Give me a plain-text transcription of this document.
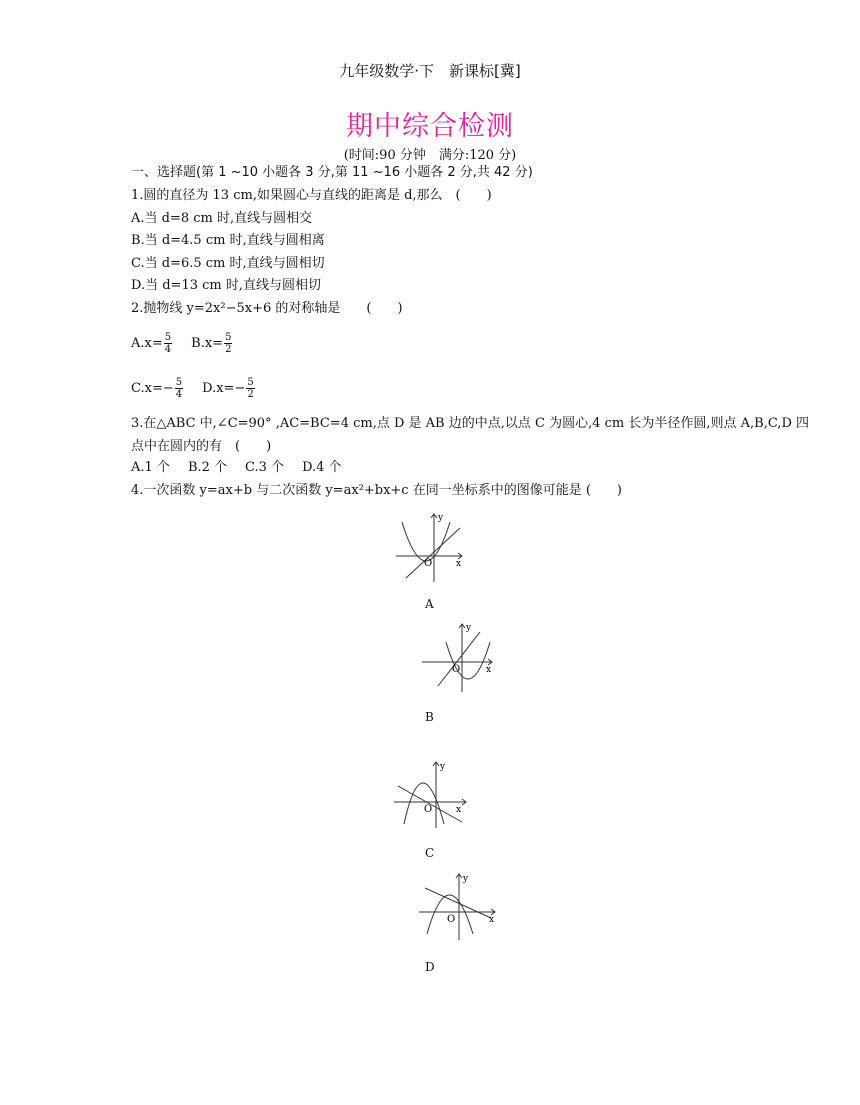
九年级数学·下　新课标[冀]
期中综合检测
(时间:90 分钟　满分:120 分)
一、选择题(第 1 ~10 小题各 3 分,第 11 ~16 小题各 2 分,共 42 分)
1.圆的直径为 13 cm,如果圆心与直线的距离是 d,那么　(　　)
A.当 d=8 cm 时,直线与圆相交
B.当 d=4.5 cm 时,直线与圆相离
C.当 d=6.5 cm 时,直线与圆相切
D.当 d=13 cm 时,直线与圆相切
2.抛物线 y=2x²−5x+6 的对称轴是　　(　　)
$A.x= \frac{5}{4} B.x= \frac{5}{2}$
$C.x=- \frac{5}{4} D.x=- \frac{5}{2}$
3.在△ABC 中,∠C=90° ,AC=BC=4 cm,点 D 是 AB 边的中点,以点 C 为圆心,4 cm 长为半径作圆,则点 A,B,C,D 四
点中在圆内的有　(　　)
A.1 个 B.2 个 C.3 个 D.4 个
4.一次函数 y=ax+b 与二次函数 y=ax²+bx+c 在同一坐标系中的图像可能是 (　　)
y
x
O
A
y
x
O
B
y
x
O
C
y
x
O
D
